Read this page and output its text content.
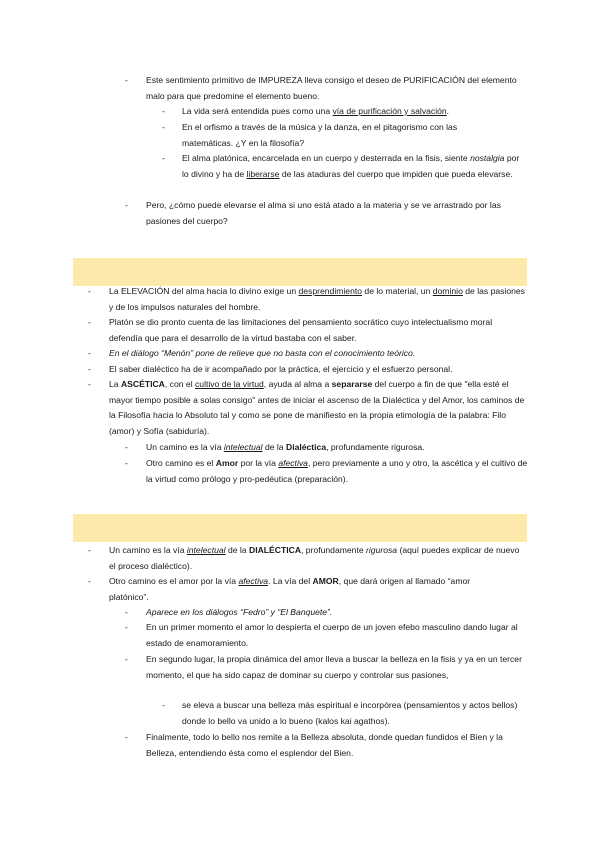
-	Este sentimiento primitivo de IMPUREZA lleva consigo el deseo de PURIFICACIÓN del elemento malo para que predomine el elemento bueno.
-	La vida será entendida pues como una vía de purificación y salvación.
-	En el orfismo a través de la música y la danza, en el pitagorismo con las matemáticas. ¿Y en la filosofía?
-	El alma platónica, encarcelada en un cuerpo y desterrada en la fisis, siente nostalgia por lo divino y ha de liberarse de las ataduras del cuerpo que impiden que pueda elevarse.
-	Pero, ¿cómo puede elevarse el alma si uno está atado a la materia y se ve arrastrado por las pasiones del cuerpo?
-	La ELEVACIÓN del alma hacia lo divino exige un desprendimiento de lo material, un dominio de las pasiones y de los impulsos naturales del hombre.
-	Platón se dio pronto cuenta de las limitaciones del pensamiento socrático cuyo intelectualismo moral defendía que para el desarrollo de la virtud bastaba con el saber.
-	En el diálogo “Menón” pone de relieve que no basta con el conocimiento teórico.
-	El saber dialéctico ha de ir acompañado por la práctica, el ejercicio y el esfuerzo personal.
-	La ASCÉTICA, con el cultivo de la virtud, ayuda al alma a separarse del cuerpo a fin de que "ella esté el mayor tiempo posible a solas consigo" antes de iniciar el ascenso de la Dialéctica y del Amor, los caminos de la Filosofía hacia lo Absoluto tal y como se pone de manifiesto en la propia etimología de la palabra: Filo (amor) y Sofía (sabiduría).
-	Un camino es la vía intelectual de la Dialéctica, profundamente rigurosa.
-	Otro camino es el Amor por la vía afectiva, pero previamente a uno y otro, la ascética y el cultivo de la virtud como prólogo y pro-pedéutica (preparación).
-	Un camino es la vía intelectual de la DIALÉCTICA, profundamente rigurosa (aquí puedes explicar de nuevo el proceso dialéctico).
-	Otro camino es el amor por la vía afectiva. La vía del AMOR, que dará origen al llamado “amor platónico”.
-	Aparece en los diálogos “Fedro” y “El Banquete”.
-	En un primer momento el amor lo despierta el cuerpo de un joven efebo masculino dando lugar al estado de enamoramiento.
-	En segundo lugar, la propia dinámica del amor lleva a buscar la belleza en la fisis y ya en un tercer momento, el que ha sido capaz de dominar su cuerpo y controlar sus pasiones,
-	se eleva a buscar una belleza más espiritual e incorpórea (pensamientos y actos bellos) donde lo bello va unido a lo bueno (kalos kai agathos).
-	Finalmente, todo lo bello nos remite a la Belleza absoluta, donde quedan fundidos el Bien y la Belleza, entendiendo ésta como el esplendor del Bien.
